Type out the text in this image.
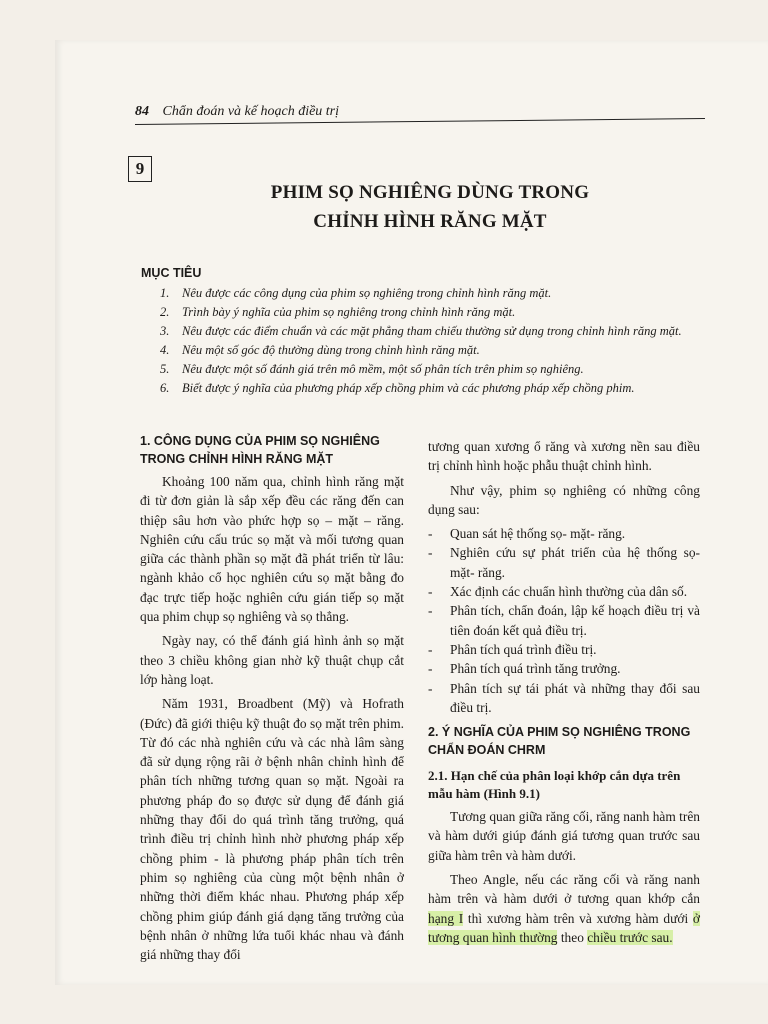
84 Chẩn đoán và kế hoạch điều trị
9
PHIM SỌ NGHIÊNG DÙNG TRONG
CHỈNH HÌNH RĂNG MẶT
MỤC TIÊU
1.	Nêu được các công dụng của phim sọ nghiêng trong chỉnh hình răng mặt.
2.	Trình bày ý nghĩa của phim sọ nghiêng trong chỉnh hình răng mặt.
3.	Nêu được các điểm chuẩn và các mặt phẳng tham chiếu thường sử dụng trong chỉnh hình răng mặt.
4.	Nêu một số góc độ thường dùng trong chỉnh hình răng mặt.
5.	Nêu được một số đánh giá trên mô mềm, một số phân tích trên phim sọ nghiêng.
6.	Biết được ý nghĩa của phương pháp xếp chồng phim và các phương pháp xếp chồng phim.
1. CÔNG DỤNG CỦA PHIM SỌ NGHIÊNG TRONG CHỈNH HÌNH RĂNG MẶT

Khoảng 100 năm qua, chỉnh hình răng mặt đi từ đơn giản là sắp xếp đều các răng đến can thiệp sâu hơn vào phức hợp sọ – mặt – răng. Nghiên cứu cấu trúc sọ mặt và mối tương quan giữa các thành phần sọ mặt đã phát triển từ lâu: ngành khảo cổ học nghiên cứu sọ mặt bằng đo đạc trực tiếp hoặc nghiên cứu gián tiếp sọ mặt qua phim chụp sọ nghiêng và sọ thẳng.

Ngày nay, có thể đánh giá hình ảnh sọ mặt theo 3 chiều không gian nhờ kỹ thuật chụp cắt lớp hàng loạt.

Năm 1931, Broadbent (Mỹ) và Hofrath (Đức) đã giới thiệu kỹ thuật đo sọ mặt trên phim. Từ đó các nhà nghiên cứu và các nhà lâm sàng đã sử dụng rộng rãi ở bệnh nhân chỉnh hình để phân tích những tương quan sọ mặt. Ngoài ra phương pháp đo sọ được sử dụng để đánh giá những thay đổi do quá trình tăng trưởng, quá trình điều trị chỉnh hình nhờ phương pháp xếp chồng phim - là phương pháp phân tích trên phim sọ nghiêng của cùng một bệnh nhân ở những thời điểm khác nhau. Phương pháp xếp chồng phim giúp đánh giá dạng tăng trưởng của bệnh nhân ở những lứa tuổi khác nhau và đánh giá những thay đổi

tương quan xương ổ răng và xương nền sau điều trị chỉnh hình hoặc phẫu thuật chỉnh hình.

Như vậy, phim sọ nghiêng có những công dụng sau:

-	Quan sát hệ thống sọ- mặt- răng.
-	Nghiên cứu sự phát triển của hệ thống sọ- mặt- răng.
-	Xác định các chuẩn hình thường của dân số.
-	Phân tích, chẩn đoán, lập kế hoạch điều trị và tiên đoán kết quả điều trị.
-	Phân tích quá trình điều trị.
-	Phân tích quá trình tăng trưởng.
-	Phân tích sự tái phát và những thay đổi sau điều trị.
2. Ý NGHĨA CỦA PHIM SỌ NGHIÊNG TRONG CHẨN ĐOÁN CHRM
2.1. Hạn chế của phân loại khớp cắn dựa trên mẫu hàm (Hình 9.1)

Tương quan giữa răng cối, răng nanh hàm trên và hàm dưới giúp đánh giá tương quan trước sau giữa hàm trên và hàm dưới.

Theo Angle, nếu các răng cối và răng nanh hàm trên và hàm dưới ở tương quan khớp cắn hạng I thì xương hàm trên và xương hàm dưới ở tương quan hình thường theo chiều trước sau.
